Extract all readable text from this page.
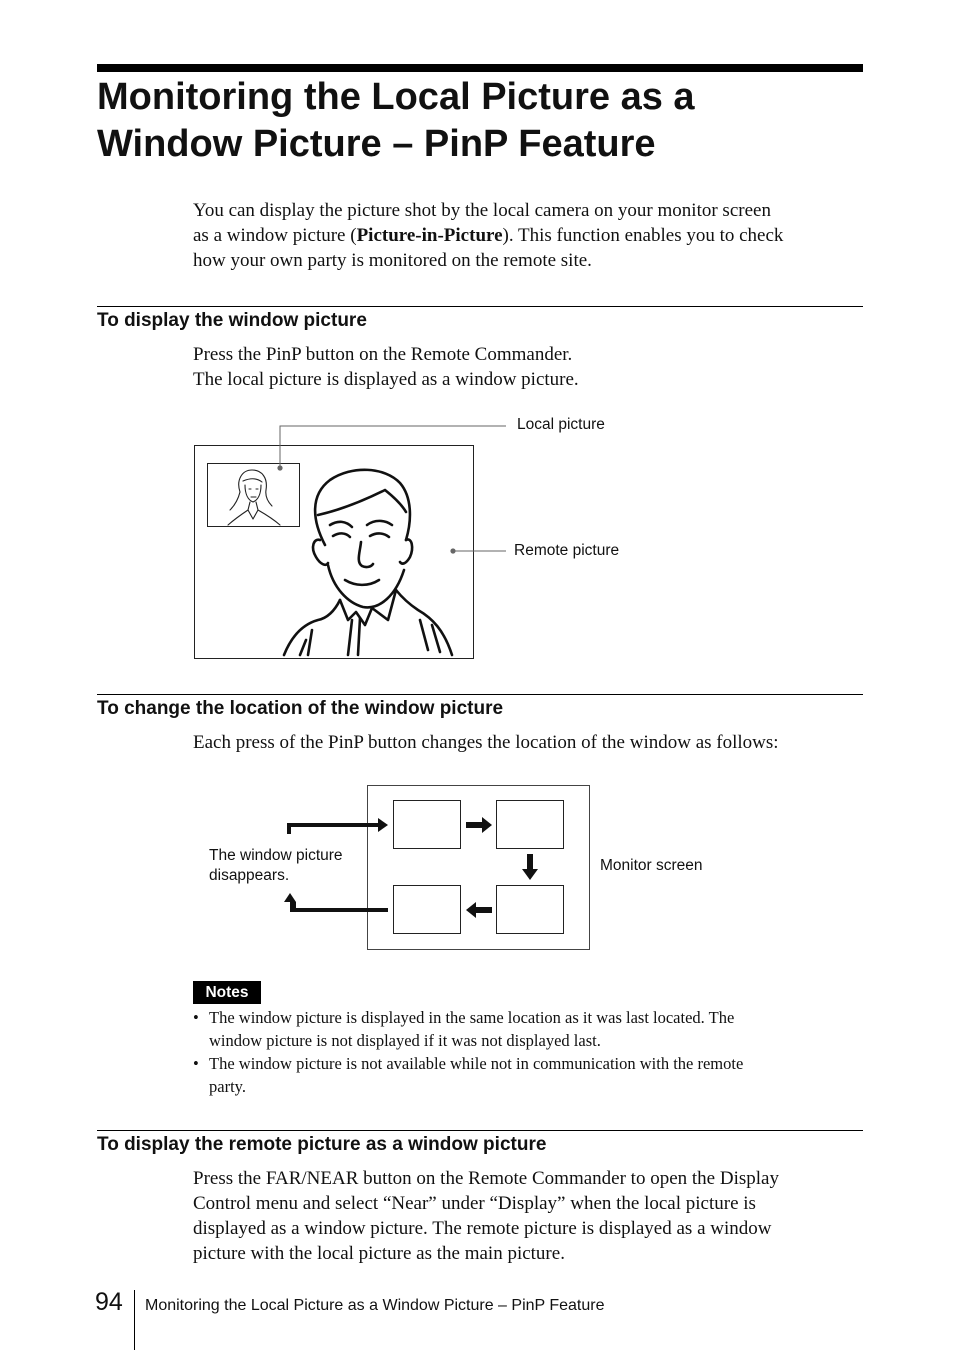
Monitoring the Local Picture as a
Window Picture – PinP Feature
You can display the picture shot by the local camera on your monitor screen
as a window picture (Picture-in-Picture). This function enables you to check
how your own party is monitored on the remote site.
To display the window picture
Press the PinP button on the Remote Commander.
The local picture is displayed as a window picture.
Local picture
Remote picture
To change the location of the window picture
Each press of the PinP button changes the location of the window as follows:
The window picture
disappears.
Monitor screen
Notes
• The window picture is displayed in the same location as it was last located. The
window picture is not displayed if it was not displayed last.
• The window picture is not available while not in communication with the remote
party.
To display the remote picture as a window picture
Press the FAR/NEAR button on the Remote Commander to open the Display
Control menu and select “Near” under “Display” when the local picture is
displayed as a window picture. The remote picture is displayed as a window
picture with the local picture as the main picture.
94 Monitoring the Local Picture as a Window Picture – PinP Feature
